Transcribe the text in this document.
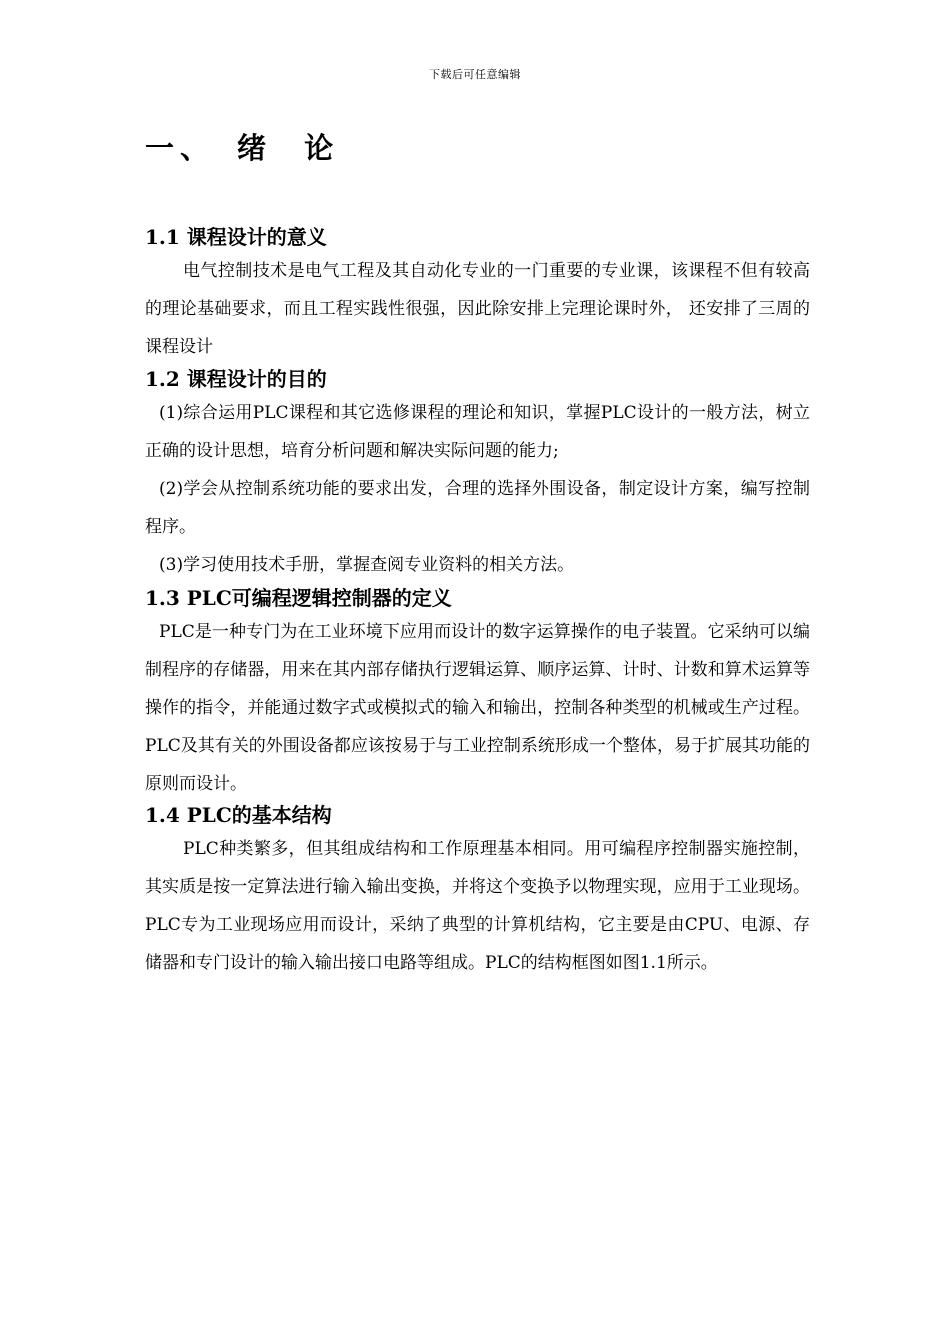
下载后可任意编辑
一、 绪 论
1.1 课程设计的意义

电气控制技术是电气工程及其自动化专业的一门重要的专业课，该课程不但有较高的理论基础要求，而且工程实践性很强，因此除安排上完理论课时外， 还安排了三周的课程设计

1.2 课程设计的目的

(1)综合运用PLC课程和其它选修课程的理论和知识，掌握PLC设计的一般方法，树立正确的设计思想，培育分析问题和解决实际问题的能力;

(2)学会从控制系统功能的要求出发，合理的选择外围设备，制定设计方案，编写控制程序。

(3)学习使用技术手册，掌握查阅专业资料的相关方法。

1.3 PLC可编程逻辑控制器的定义

PLC是一种专门为在工业环境下应用而设计的数字运算操作的电子装置。它采纳可以编制程序的存储器，用来在其内部存储执行逻辑运算、顺序运算、计时、计数和算术运算等操作的指令，并能通过数字式或模拟式的输入和输出，控制各种类型的机械或生产过程。PLC及其有关的外围设备都应该按易于与工业控制系统形成一个整体，易于扩展其功能的原则而设计。

1.4 PLC的基本结构

PLC种类繁多，但其组成结构和工作原理基本相同。用可编程序控制器实施控制，其实质是按一定算法进行输入输出变换，并将这个变换予以物理实现，应用于工业现场。PLC专为工业现场应用而设计，采纳了典型的计算机结构，它主要是由CPU、电源、存储器和专门设计的输入输出接口电路等组成。PLC的结构框图如图1.1所示。
